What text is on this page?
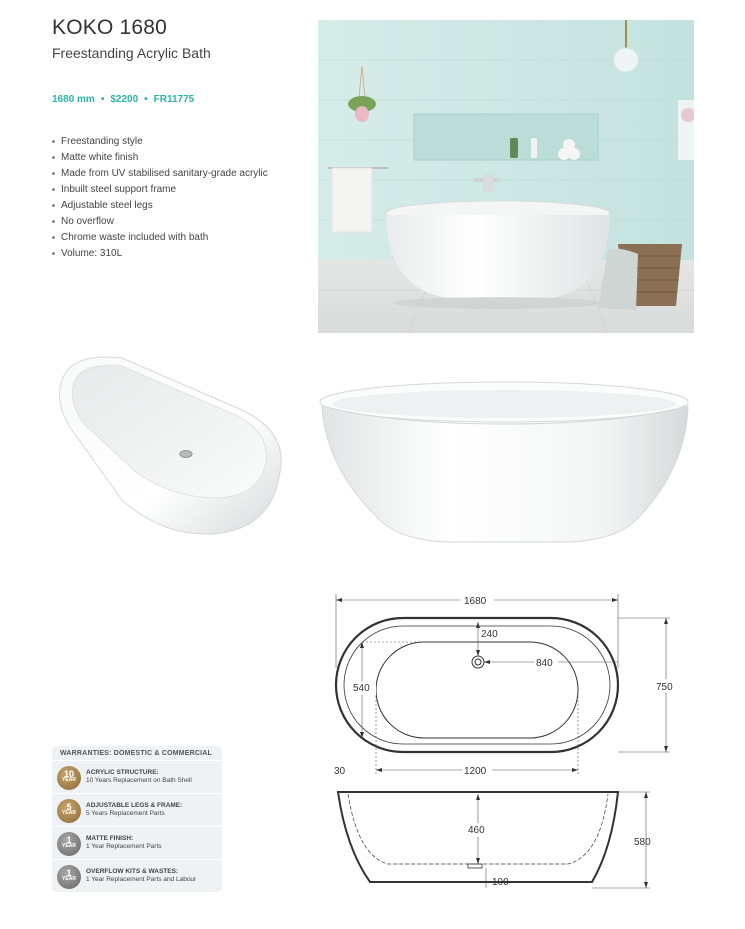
KOKO 1680
Freestanding Acrylic Bath
1680 mm • $2200 • FR11775
Freestanding style
Matte white finish
Made from UV stabilised sanitary-grade acrylic
Inbuilt steel support frame
Adjustable steel legs
No overflow
Chrome waste included with bath
Volume: 310L
1680
240
840
540	750
1200
30
460
580
100
WARRANTIES: DOMESTIC & COMMERCIAL
10
YEAR
ACRYLIC STRUCTURE:
10 Years Replacement on Bath Shell
5
YEAR
ADJUSTABLE LEGS & FRAME:
5 Years Replacement Parts
1
YEAR
MATTE FINISH:
1 Year Replacement Parts
1
YEAR
OVERFLOW KITS & WASTES:
1 Year Replacement Parts and Labour
